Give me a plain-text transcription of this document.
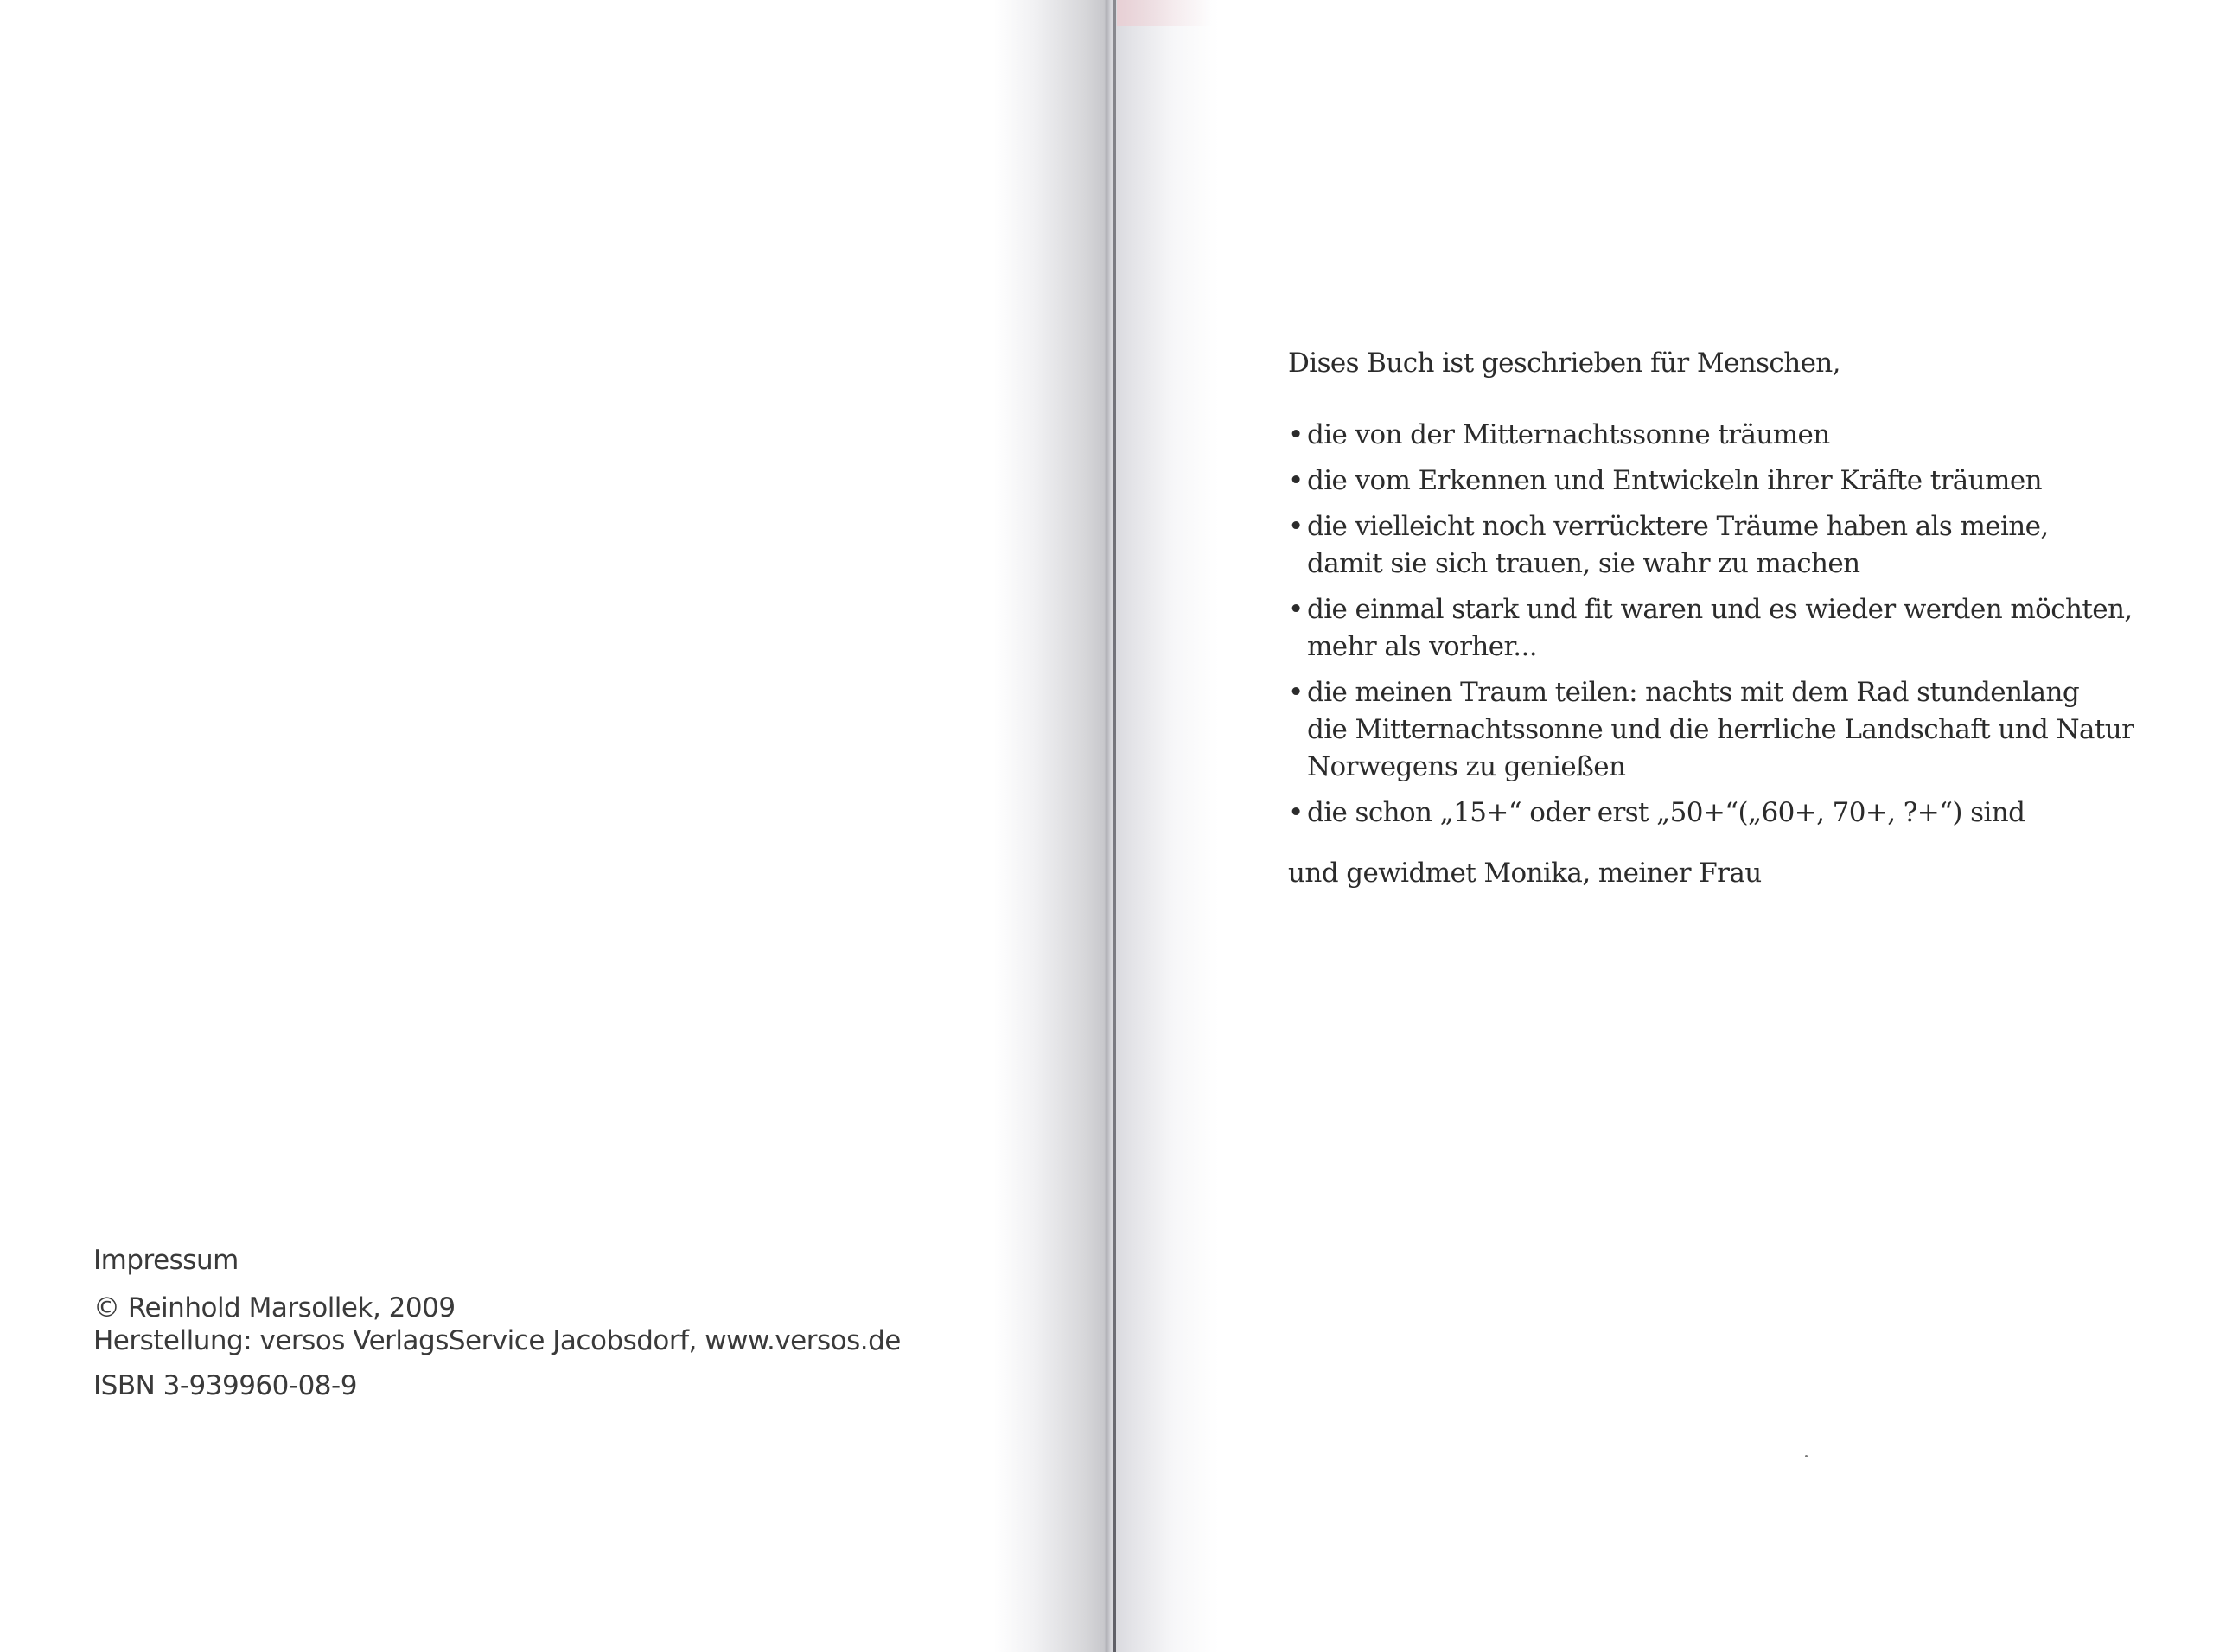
Impressum
© Reinhold Marsollek, 2009
Herstellung: versos VerlagsService Jacobsdorf, www.versos.de
ISBN 3-939960-08-9
Dises Buch ist geschrieben für Menschen,
• die von der Mitternachtssonne träumen
• die vom Erkennen und Entwickeln ihrer Kräfte träumen
• die vielleicht noch verrücktere Träume haben als meine,
damit sie sich trauen, sie wahr zu machen
• die einmal stark und fit waren und es wieder werden möchten,
mehr als vorher...
• die meinen Traum teilen: nachts mit dem Rad stundenlang
die Mitternachtssonne und die herrliche Landschaft und Natur
Norwegens zu genießen
• die schon „15+“ oder erst „50+“(„60+, 70+, ?+“) sind
und gewidmet Monika, meiner Frau
